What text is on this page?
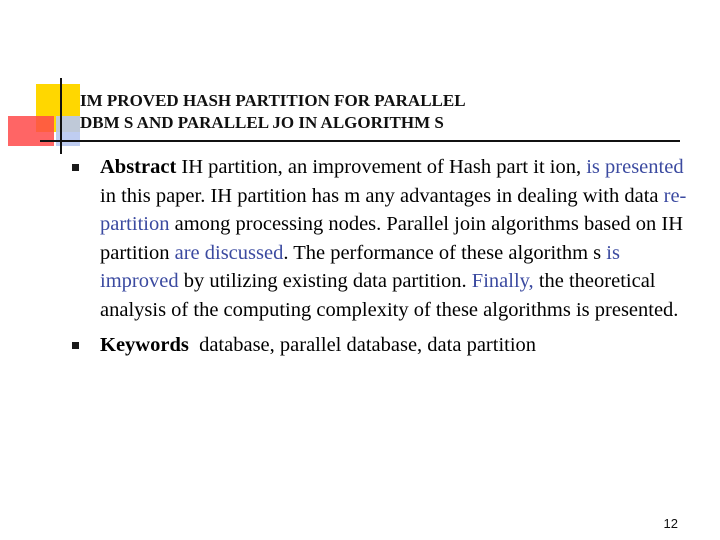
IM PROVED HASH PARTITION FOR PARALLEL
DBM S AND PARALLEL JO IN ALGORITHM S
Abstract IH partition, an improvement of Hash part it ion, is presented in this paper. IH partition has m any advantages in dealing with data re-partition among processing nodes. Parallel join algorithms based on IH partition are discussed. The performance of these algorithm s is improved by utilizing existing data partition. Finally, the theoretical analysis of the computing complexity of these algorithms is presented.
Keywords  database, parallel database, data partition
12
